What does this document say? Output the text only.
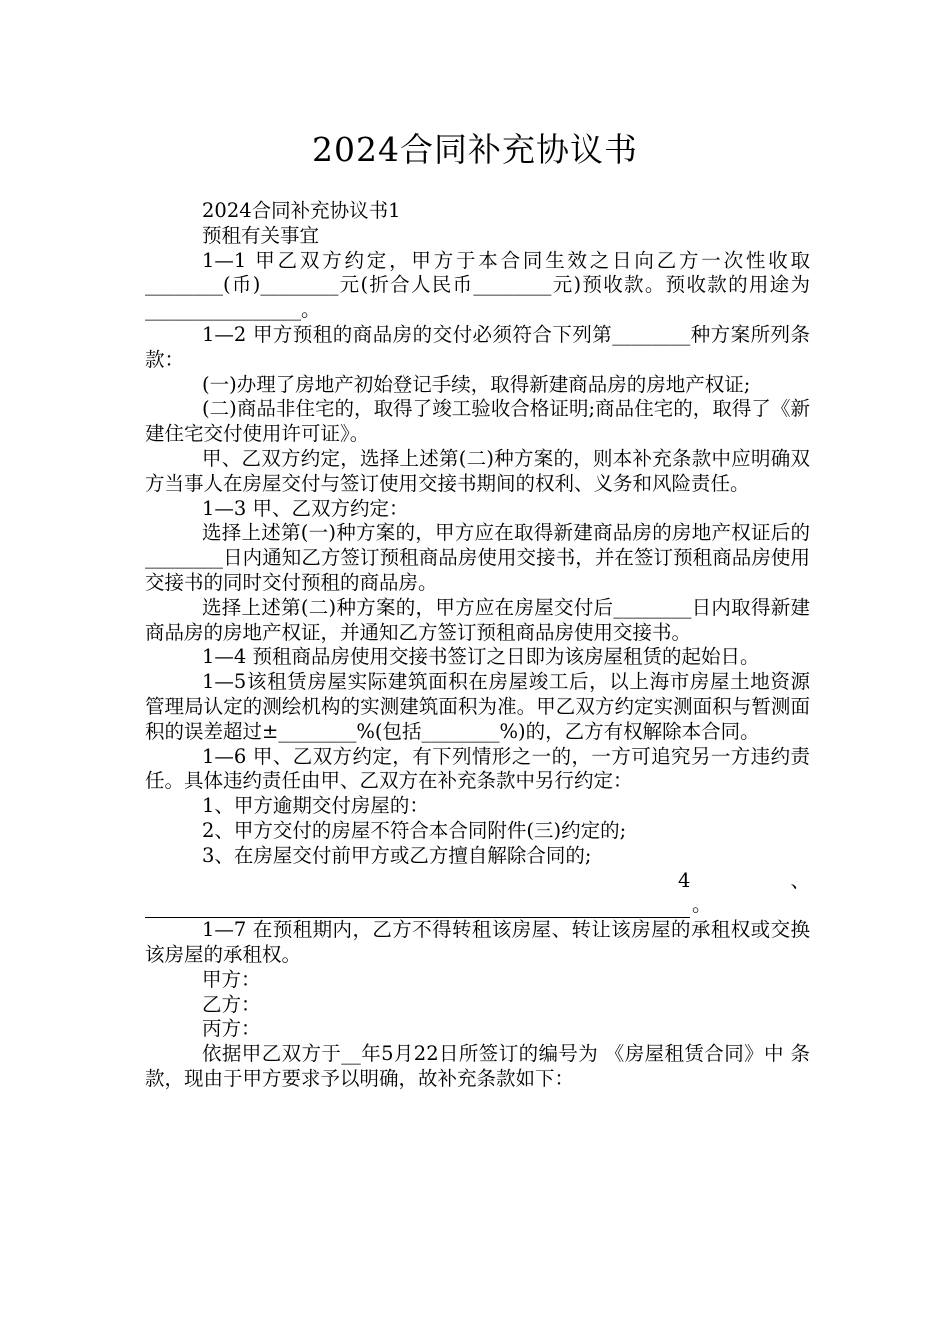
2024合同补充协议书

2024合同补充协议书1

预租有关事宜

1—1 甲乙双方约定，甲方于本合同生效之日向乙方一次性收取________(币)________元(折合人民币________元)预收款。预收款的用途为________________。

1—2 甲方预租的商品房的交付必须符合下列第________种方案所列条款：

(一)办理了房地产初始登记手续，取得新建商品房的房地产权证;

(二)商品非住宅的，取得了竣工验收合格证明;商品住宅的，取得了《新建住宅交付使用许可证》。

甲、乙双方约定，选择上述第(二)种方案的，则本补充条款中应明确双方当事人在房屋交付与签订使用交接书期间的权利、义务和风险责任。

1—3 甲、乙双方约定：

选择上述第(一)种方案的，甲方应在取得新建商品房的房地产权证后的________日内通知乙方签订预租商品房使用交接书，并在签订预租商品房使用交接书的同时交付预租的商品房。

选择上述第(二)种方案的，甲方应在房屋交付后________日内取得新建商品房的房地产权证，并通知乙方签订预租商品房使用交接书。

1—4 预租商品房使用交接书签订之日即为该房屋租赁的起始日。

1—5该租赁房屋实际建筑面积在房屋竣工后，以上海市房屋土地资源管理局认定的测绘机构的实测建筑面积为准。甲乙双方约定实测面积与暂测面积的误差超过±________%(包括________%)的，乙方有权解除本合同。

1—6 甲、乙双方约定，有下列情形之一的，一方可追究另一方违约责任。具体违约责任由甲、乙双方在补充条款中另行约定：

1、甲方逾期交付房屋的：

2、甲方交付的房屋不符合本合同附件(三)约定的;

3、在房屋交付前甲方或乙方擅自解除合同的;

4	、
。

1—7 在预租期内，乙方不得转租该房屋、转让该房屋的承租权或交换该房屋的承租权。

甲方：

乙方：

丙方：

依据甲乙双方于__年5月22日所签订的编号为 《房屋租赁合同》中 条款，现由于甲方要求予以明确，故补充条款如下：
